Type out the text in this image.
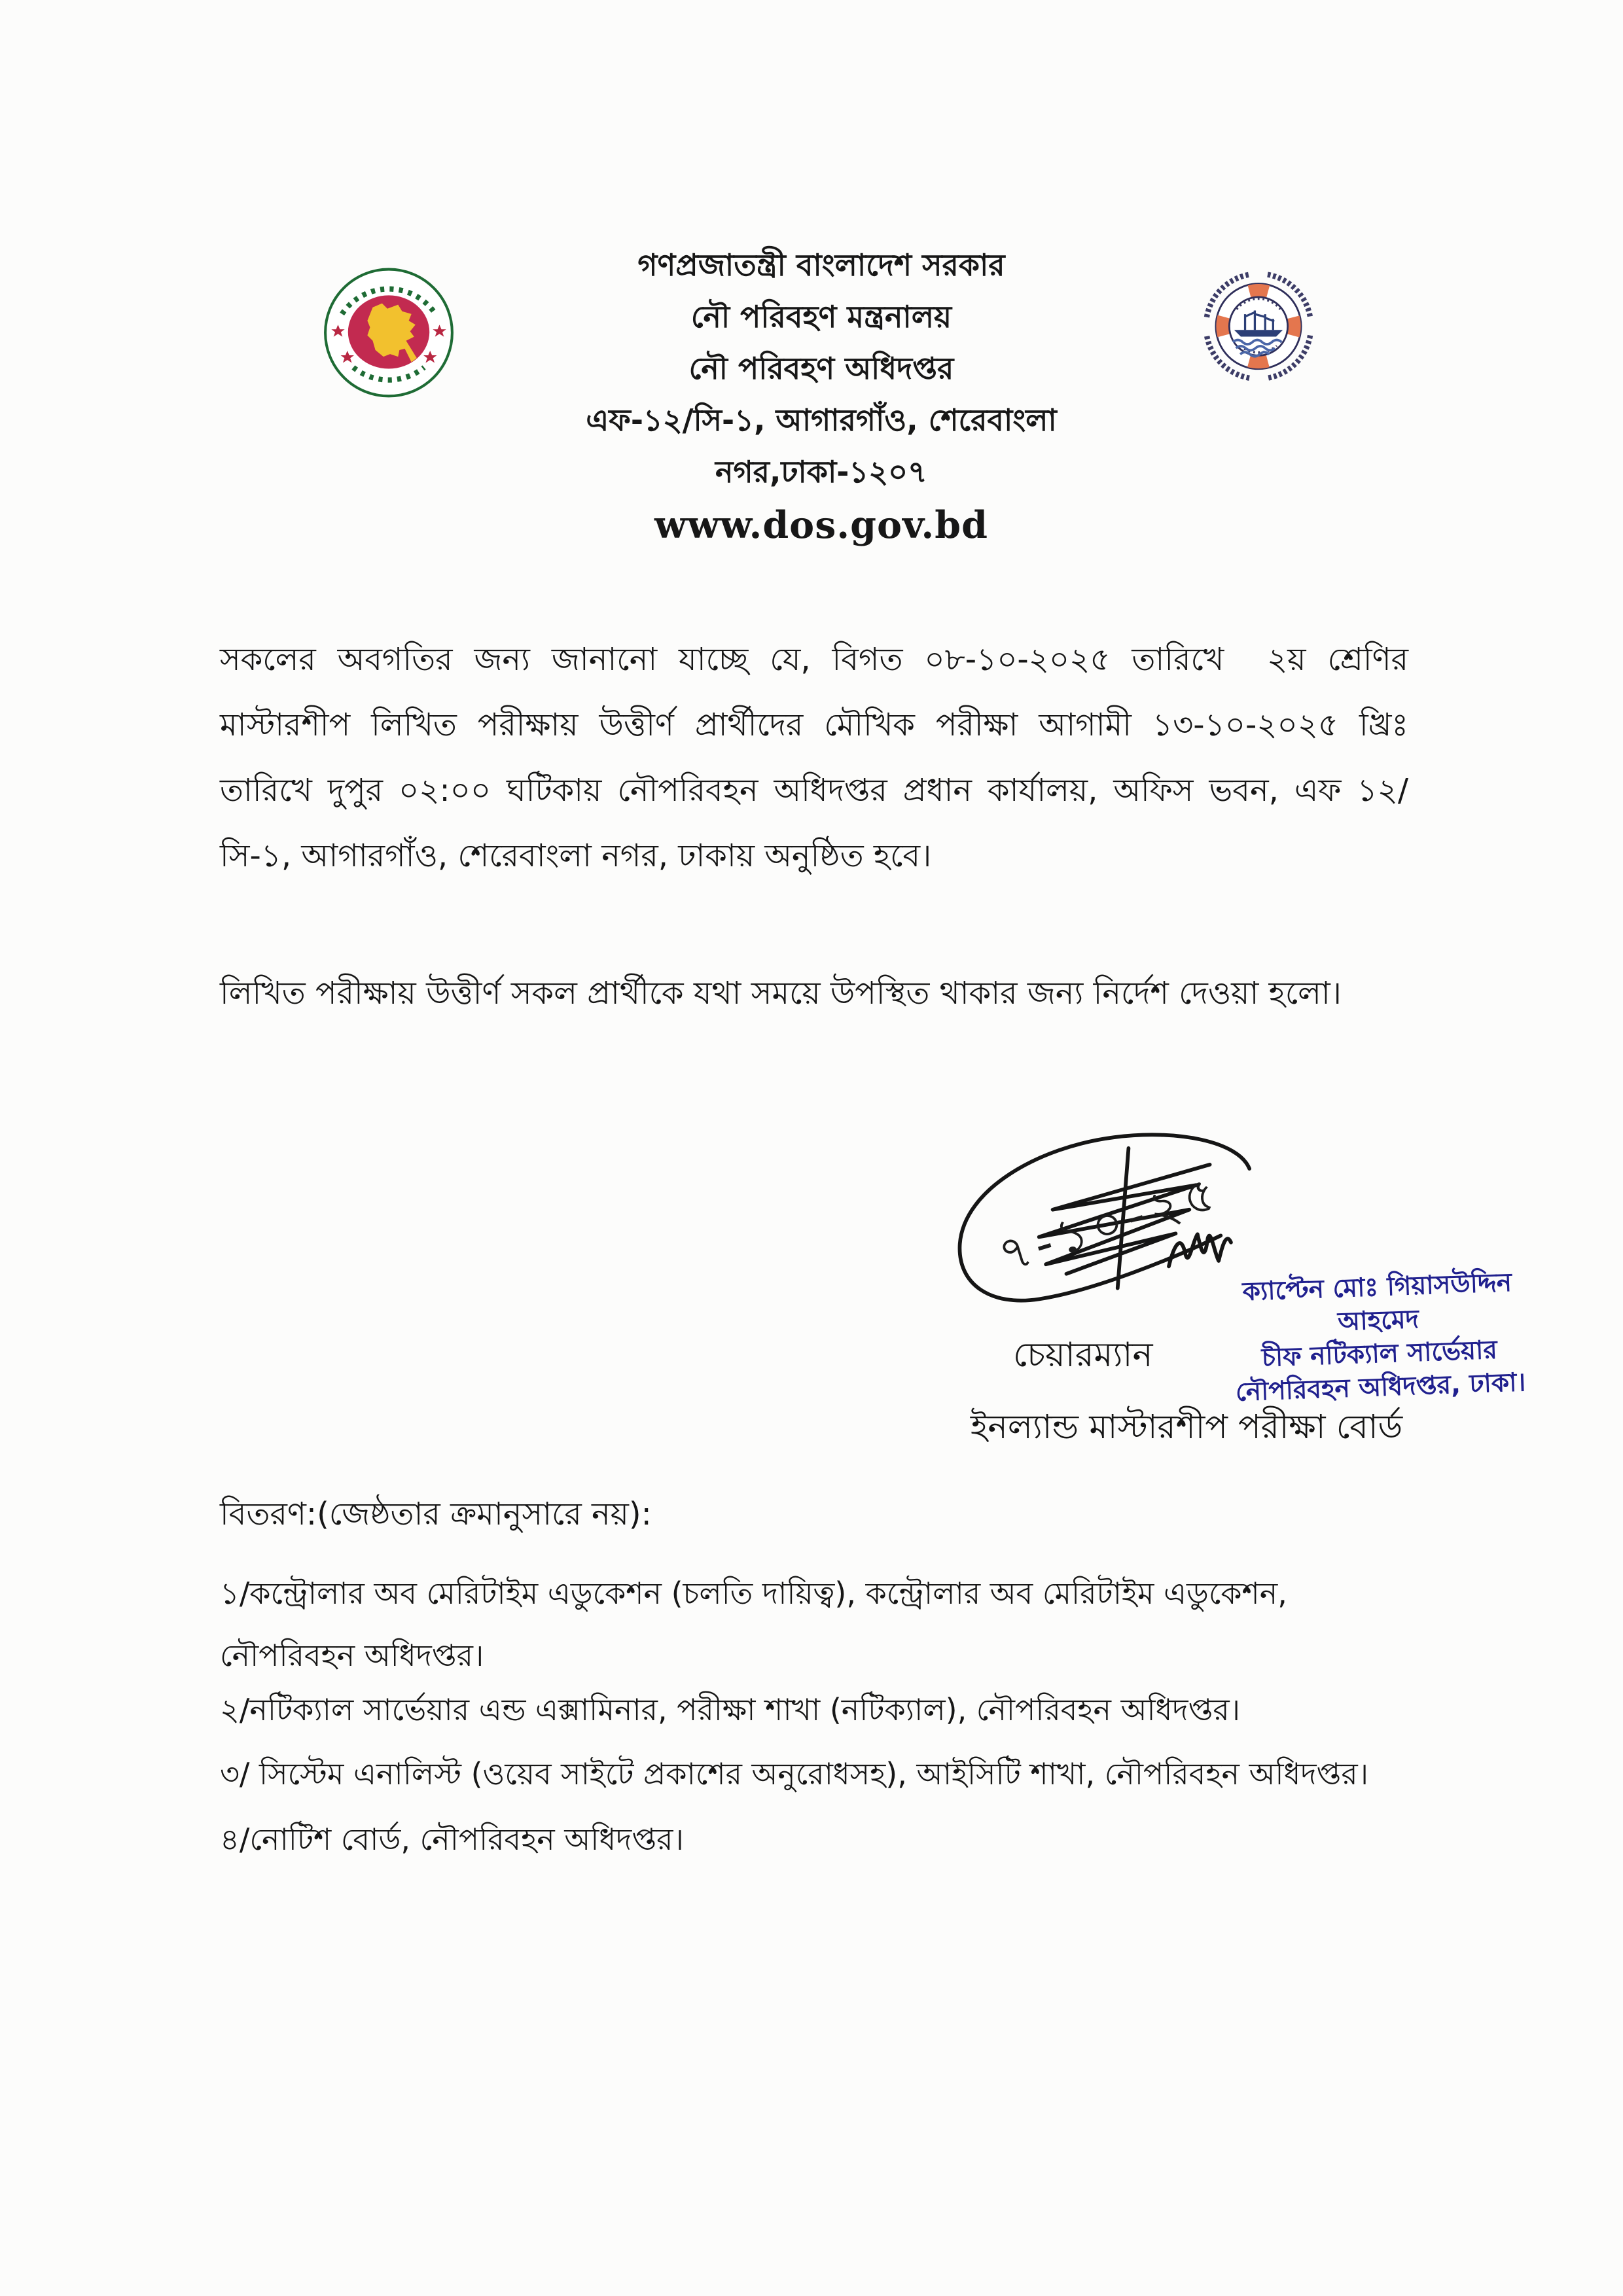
গণপ্রজাতন্ত্রী বাংলাদেশ সরকার
নৌ পরিবহণ মন্ত্রনালয়
নৌ পরিবহণ অধিদপ্তর
এফ-১২/সি-১, আগারগাঁও, শেরেবাংলা
নগর,ঢাকা-১২০৭
www.dos.gov.bd
সকলের অবগতির জন্য জানানো যাচ্ছে যে, বিগত ০৮-১০-২০২৫ তারিখে  ২য় শ্রেণির মাস্টারশীপ লিখিত পরীক্ষায় উত্তীর্ণ প্রার্থীদের মৌখিক পরীক্ষা আগামী ১৩-১০-২০২৫ খ্রিঃ তারিখে দুপুর ০২:০০ ঘটিকায় নৌপরিবহন অধিদপ্তর প্রধান কার্যালয়, অফিস ভবন, এফ ১২/সি-১, আগারগাঁও, শেরেবাংলা নগর, ঢাকায় অনুষ্ঠিত হবে।
লিখিত পরীক্ষায় উত্তীর্ণ সকল প্রার্থীকে যথা সময়ে উপস্থিত থাকার জন্য নির্দেশ দেওয়া হলো।
৭-১০-২৫
ক্যাপ্টেন মোঃ গিয়াসউদ্দিন আহমেদ
চীফ নটিক্যাল সার্ভেয়ার
নৌপরিবহন অধিদপ্তর, ঢাকা।
চেয়ারম্যান
ইনল্যান্ড মাস্টারশীপ পরীক্ষা বোর্ড
বিতরণ:(জেষ্ঠতার ক্রমানুসারে নয়):
১/কন্ট্রোলার অব মেরিটাইম এডুকেশন (চলতি দায়িত্ব), কন্ট্রোলার অব মেরিটাইম এডুকেশন, নৌপরিবহন অধিদপ্তর।
২/নটিক্যাল সার্ভেয়ার এন্ড এক্সামিনার, পরীক্ষা শাখা (নটিক্যাল), নৌপরিবহন অধিদপ্তর।
৩/ সিস্টেম এনালিস্ট (ওয়েব সাইটে প্রকাশের অনুরোধসহ), আইসিটি শাখা, নৌপরিবহন অধিদপ্তর।
৪/নোটিশ বোর্ড, নৌপরিবহন অধিদপ্তর।
